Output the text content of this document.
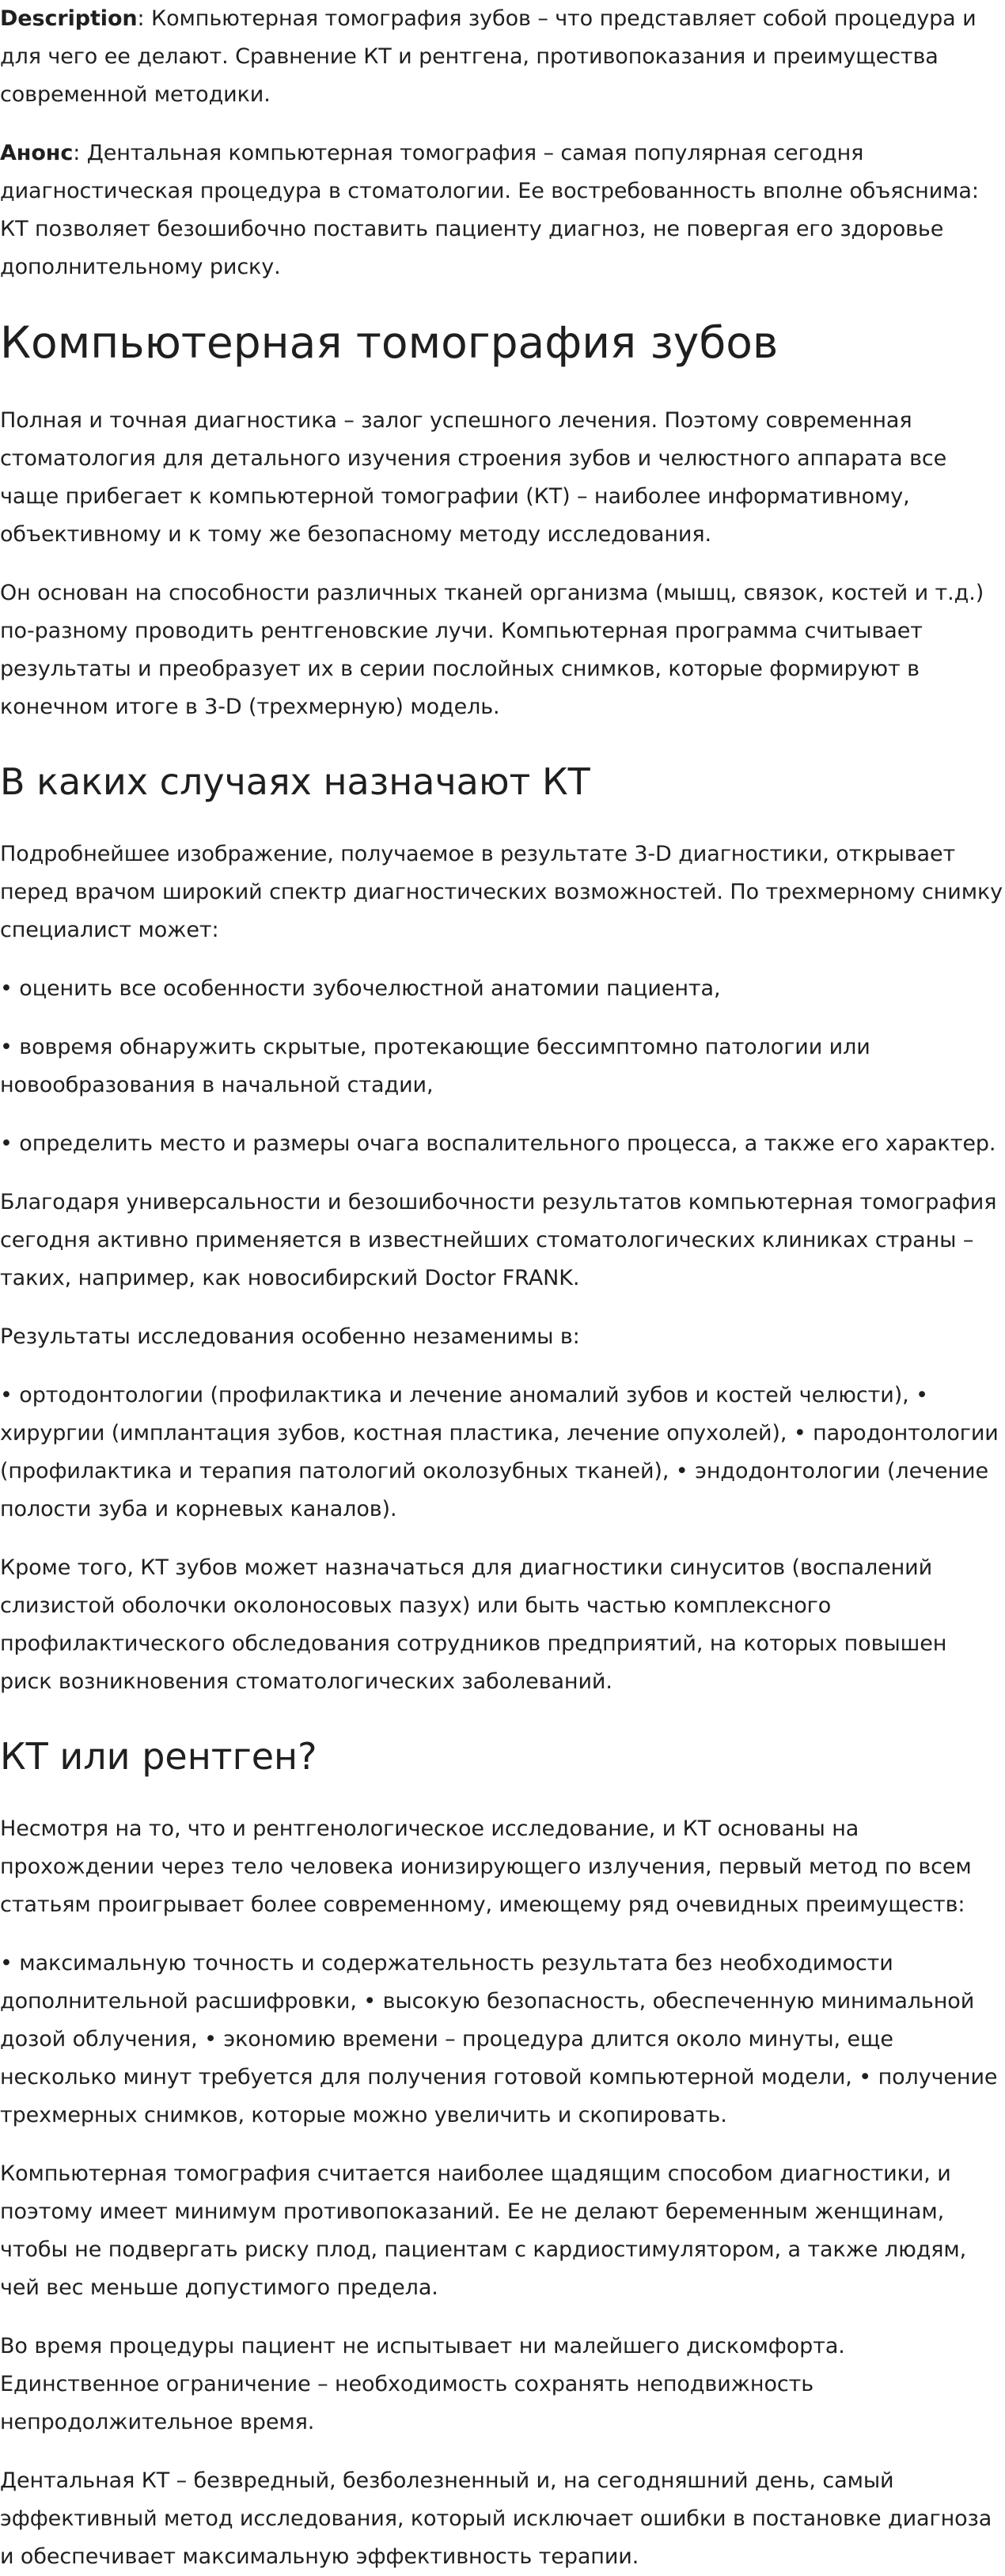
Description: Компьютерная томография зубов – что представляет собой процедура и для чего ее делают. Сравнение КТ и рентгена, противопоказания и преимущества современной методики.

Анонс: Дентальная компьютерная томография – самая популярная сегодня диагностическая процедура в стоматологии. Ее востребованность вполне объяснима: КТ позволяет безошибочно поставить пациенту диагноз, не повергая его здоровье дополнительному риску.

Компьютерная томография зубов

Полная и точная диагностика – залог успешного лечения. Поэтому современная стоматология для детального изучения строения зубов и челюстного аппарата все чаще прибегает к компьютерной томографии (КТ) – наиболее информативному, объективному и к тому же безопасному методу исследования.

Он основан на способности различных тканей организма (мышц, связок, костей и т.д.) по-разному проводить рентгеновские лучи. Компьютерная программа считывает результаты и преобразует их в серии послойных снимков, которые формируют в конечном итоге в 3-D (трехмерную) модель.

В каких случаях назначают КТ

Подробнейшее изображение, получаемое в результате 3-D диагностики, открывает перед врачом широкий спектр диагностических возможностей. По трехмерному снимку специалист может:

• оценить все особенности зубочелюстной анатомии пациента,

• вовремя обнаружить скрытые, протекающие бессимптомно патологии или новообразования в начальной стадии,

• определить место и размеры очага воспалительного процесса, а также его характер.

Благодаря универсальности и безошибочности результатов компьютерная томография сегодня активно применяется в известнейших стоматологических клиниках страны – таких, например, как новосибирский Doctor FRANK.

Результаты исследования особенно незаменимы в:

• ортодонтологии (профилактика и лечение аномалий зубов и костей челюсти), • хирургии (имплантация зубов, костная пластика, лечение опухолей), • пародонтологии (профилактика и терапия патологий околозубных тканей), • эндодонтологии (лечение полости зуба и корневых каналов).

Кроме того, КТ зубов может назначаться для диагностики синуситов (воспалений слизистой оболочки околоносовых пазух) или быть частью комплексного профилактического обследования сотрудников предприятий, на которых повышен риск возникновения стоматологических заболеваний.

КТ или рентген?

Несмотря на то, что и рентгенологическое исследование, и КТ основаны на прохождении через тело человека ионизирующего излучения, первый метод по всем статьям проигрывает более современному, имеющему ряд очевидных преимуществ:

• максимальную точность и содержательность результата без необходимости дополнительной расшифровки, • высокую безопасность, обеспеченную минимальной дозой облучения, • экономию времени – процедура длится около минуты, еще несколько минут требуется для получения готовой компьютерной модели, • получение трехмерных снимков, которые можно увеличить и скопировать.

Компьютерная томография считается наиболее щадящим способом диагностики, и поэтому имеет минимум противопоказаний. Ее не делают беременным женщинам, чтобы не подвергать риску плод, пациентам с кардиостимулятором, а также людям, чей вес меньше допустимого предела.

Во время процедуры пациент не испытывает ни малейшего дискомфорта. Единственное ограничение – необходимость сохранять неподвижность непродолжительное время.

Дентальная КТ – безвредный, безболезненный и, на сегодняшний день, самый эффективный метод исследования, который исключает ошибки в постановке диагноза и обеспечивает максимальную эффективность терапии.
